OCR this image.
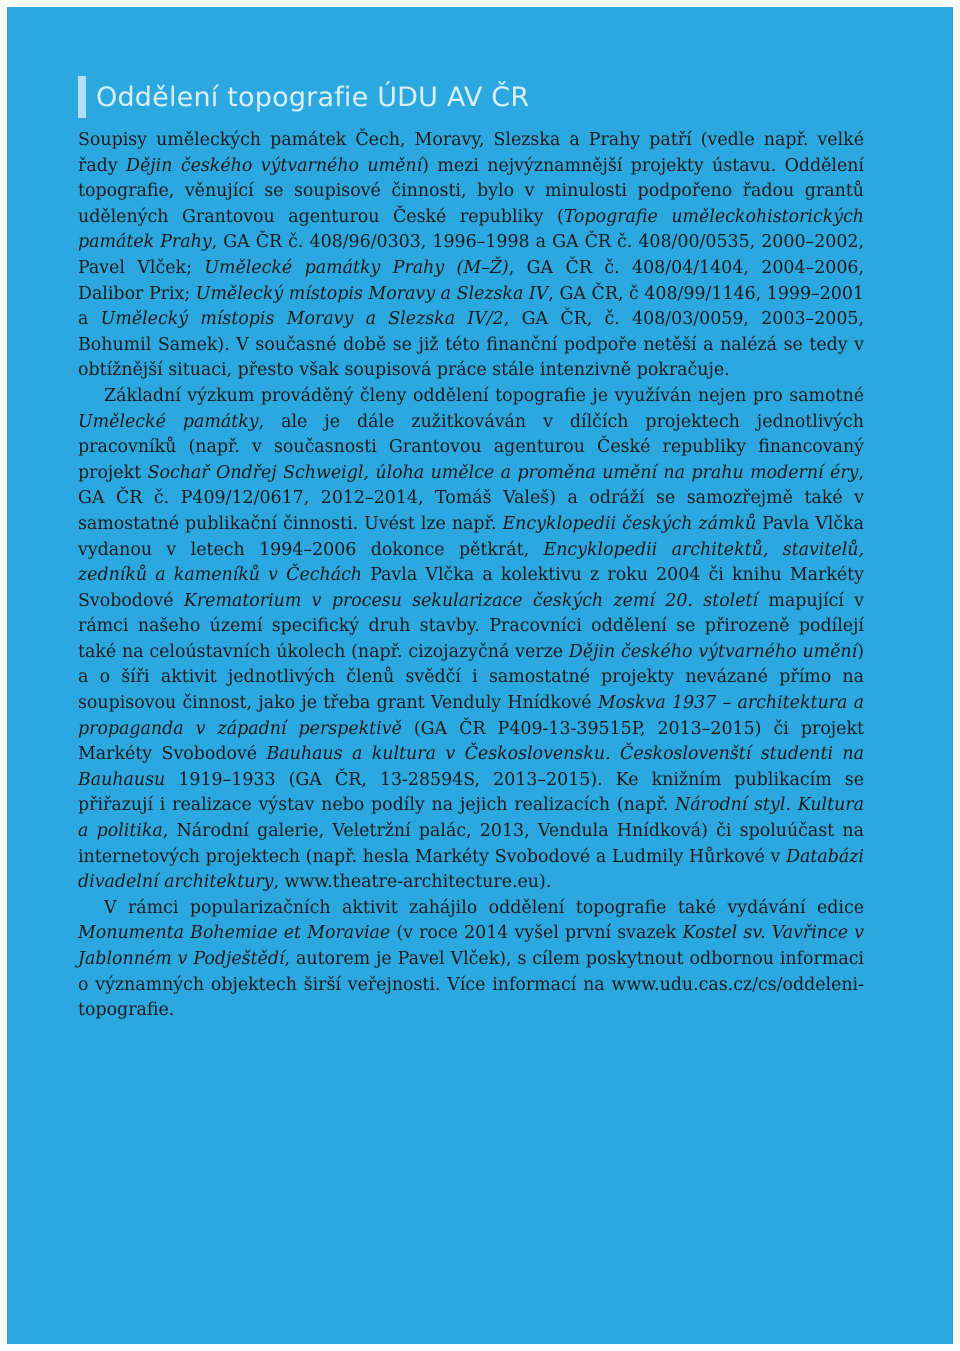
Oddělení topografie ÚDU AV ČR

Soupisy uměleckých památek Čech, Moravy, Slezska a Prahy patří (vedle např. velké řady Dějin českého výtvarného umění) mezi nejvýznamnější projekty ústavu. Oddělení topografie, věnující se soupisové činnosti, bylo v minulosti podpořeno řadou grantů udělených Grantovou agenturou České republiky (Topografie uměleckohistorických památek Prahy, GA ČR č. 408/96/0303, 1996–1998 a GA ČR č. 408/00/0535, 2000–2002, Pavel Vlček; Umělecké památky Prahy (M–Ž), GA ČR č. 408/04/1404, 2004–2006, Dalibor Prix; Umělecký místopis Moravy a Slezska IV, GA ČR, č 408/99/1146, 1999–2001 a Umělecký místopis Moravy a Slezska IV/2, GA ČR, č. 408/03/0059, 2003–2005, Bohumil Samek). V současné době se již této finanční podpoře netěší a nalézá se tedy v obtížnější situaci, přesto však soupisová práce stále intenzivně pokračuje.

Základní výzkum prováděný členy oddělení topografie je využíván nejen pro samotné Umělecké památky, ale je dále zužitkováván v dílčích projektech jednotlivých pracovníků (např. v současnosti Grantovou agenturou České republiky financovaný projekt Sochař Ondřej Schweigl, úloha umělce a proměna umění na prahu moderní éry, GA ČR č. P409/12/0617, 2012–2014, Tomáš Valeš) a odráží se samozřejmě také v samostatné publikační činnosti. Uvést lze např. Encyklopedii českých zámků Pavla Vlčka vydanou v letech 1994–2006 dokonce pětkrát, Encyklopedii architektů, stavitelů, zedníků a kameníků v Čechách Pavla Vlčka a kolektivu z roku 2004 či knihu Markéty Svobodové Krematorium v procesu sekularizace českých zemí 20. století mapující v rámci našeho území specifický druh stavby. Pracovníci oddělení se přirozeně podílejí také na celoústavních úkolech (např. cizojazyčná verze Dějin českého výtvarného umění) a o šíři aktivit jednotlivých členů svědčí i samostatné projekty nevázané přímo na soupisovou činnost, jako je třeba grant Venduly Hnídkové Moskva 1937 – architektura a propaganda v západní perspektivě (GA ČR P409-13-39515P, 2013–2015) či projekt Markéty Svobodové Bauhaus a kultura v Československu. Českoslovenští studenti na Bauhausu 1919–1933 (GA ČR, 13-28594S, 2013–2015). Ke knižním publikacím se přiřazují i realizace výstav nebo podíly na jejich realizacích (např. Národní styl. Kultura a politika, Národní galerie, Veletržní palác, 2013, Vendula Hnídková) či spoluúčast na internetových projektech (např. hesla Markéty Svobodové a Ludmily Hůrkové v Databázi divadelní architektury, www.theatre-architecture.eu).

V rámci popularizačních aktivit zahájilo oddělení topografie také vydávání edice Monumenta Bohemiae et Moraviae (v roce 2014 vyšel první svazek Kostel sv. Vavřince v Jablonném v Podještědí, autorem je Pavel Vlček), s cílem poskytnout odbornou informaci o významných objektech širší veřejnosti. Více informací na www.udu.cas.cz/cs/oddeleni-topografie.
